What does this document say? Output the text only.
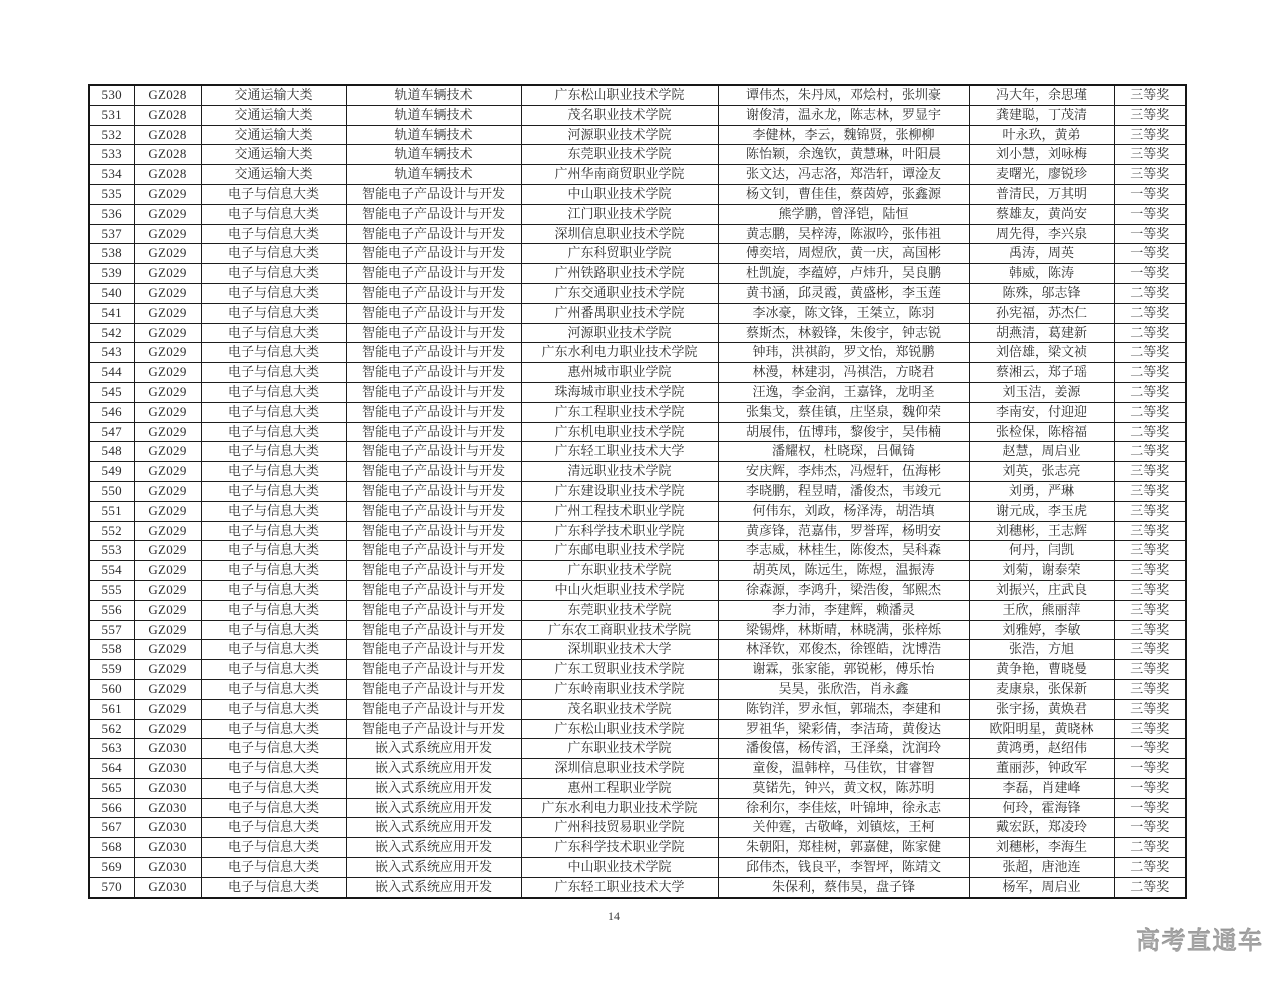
530	GZ028	交通运输大类	轨道车辆技术	广东松山职业技术学院	谭伟杰，朱丹凤，邓烩村，张圳豪	冯大年，余思瑾	三等奖
531	GZ028	交通运输大类	轨道车辆技术	茂名职业技术学院	谢俊清，温永龙，陈志林，罗显宇	龚建聪，丁茂清	三等奖
532	GZ028	交通运输大类	轨道车辆技术	河源职业技术学院	李健林，李云，魏锦贤，张柳柳	叶永玖，黄弟	三等奖
533	GZ028	交通运输大类	轨道车辆技术	东莞职业技术学院	陈怡颖，余逸钦，黄慧琳，叶阳晨	刘小慧，刘咏梅	三等奖
534	GZ028	交通运输大类	轨道车辆技术	广州华南商贸职业学院	张文达，冯志洛，郑浩轩，谭淦友	麦曙光，廖锐珍	三等奖
535	GZ029	电子与信息大类	智能电子产品设计与开发	中山职业技术学院	杨文钊，曹佳佳，蔡茵婷，张鑫源	普清民，万其明	一等奖
536	GZ029	电子与信息大类	智能电子产品设计与开发	江门职业技术学院	熊学鹏，曾泽铠，陆恒	蔡雄友，黄尚安	一等奖
537	GZ029	电子与信息大类	智能电子产品设计与开发	深圳信息职业技术学院	黄志鹏，吴梓涛，陈淑吟，张伟祖	周先得，李兴泉	一等奖
538	GZ029	电子与信息大类	智能电子产品设计与开发	广东科贸职业学院	傅奕培，周煜欣，黄一庆，高国彬	禹涛，周英	一等奖
539	GZ029	电子与信息大类	智能电子产品设计与开发	广州铁路职业技术学院	杜凯旋，李蕴婷，卢炜升，吴良鹏	韩威，陈涛	一等奖
540	GZ029	电子与信息大类	智能电子产品设计与开发	广东交通职业技术学院	黄书涵，邱灵霞，黄盛彬，李玉莲	陈殊，邬志锋	二等奖
541	GZ029	电子与信息大类	智能电子产品设计与开发	广州番禺职业技术学院	李冰豪，陈文锋，王桀立，陈羽	孙宪福，苏杰仁	二等奖
542	GZ029	电子与信息大类	智能电子产品设计与开发	河源职业技术学院	蔡斯杰，林毅锋，朱俊宇，钟志锐	胡燕清，葛建新	二等奖
543	GZ029	电子与信息大类	智能电子产品设计与开发	广东水利电力职业技术学院	钟玮，洪祺韵，罗文怡，郑锐鹏	刘倍雄，梁文祯	二等奖
544	GZ029	电子与信息大类	智能电子产品设计与开发	惠州城市职业学院	林漫，林建羽，冯祺浩，方晓君	蔡湘云，郑子瑶	二等奖
545	GZ029	电子与信息大类	智能电子产品设计与开发	珠海城市职业技术学院	汪逸，李金润，王嘉锋，龙明圣	刘玉洁，姜源	二等奖
546	GZ029	电子与信息大类	智能电子产品设计与开发	广东工程职业技术学院	张集戈，蔡佳镇，庄坚泉，魏仰荣	李南安，付迎迎	二等奖
547	GZ029	电子与信息大类	智能电子产品设计与开发	广东机电职业技术学院	胡展伟，伍博玮，黎俊宇，吴伟楠	张检保，陈榕福	二等奖
548	GZ029	电子与信息大类	智能电子产品设计与开发	广东轻工职业技术大学	潘耀权，杜晓琛，吕佩锜	赵慧，周启业	二等奖
549	GZ029	电子与信息大类	智能电子产品设计与开发	清远职业技术学院	安庆辉，李炜杰，冯煜轩，伍海彬	刘英，张志亮	三等奖
550	GZ029	电子与信息大类	智能电子产品设计与开发	广东建设职业技术学院	李晓鹏，程昱晴，潘俊杰，韦竣元	刘勇，严琳	三等奖
551	GZ029	电子与信息大类	智能电子产品设计与开发	广州工程技术职业学院	何伟东，刘政，杨泽涛，胡浩填	谢元成，李玉虎	三等奖
552	GZ029	电子与信息大类	智能电子产品设计与开发	广东科学技术职业学院	黄彦锋，范嘉伟，罗誉珲，杨明安	刘穗彬，王志辉	三等奖
553	GZ029	电子与信息大类	智能电子产品设计与开发	广东邮电职业技术学院	李志威，林桂生，陈俊杰，吴科森	何丹，闫凯	三等奖
554	GZ029	电子与信息大类	智能电子产品设计与开发	广东职业技术学院	胡英凤，陈远生，陈煜，温振涛	刘菊，谢泰荣	三等奖
555	GZ029	电子与信息大类	智能电子产品设计与开发	中山火炬职业技术学院	徐森源，李鸿升，梁浩俊，邹熙杰	刘振兴，庄武良	三等奖
556	GZ029	电子与信息大类	智能电子产品设计与开发	东莞职业技术学院	李力沛，李建辉，赖潘灵	王欣，熊丽萍	三等奖
557	GZ029	电子与信息大类	智能电子产品设计与开发	广东农工商职业技术学院	梁锡烨，林斯晴，林晓满，张梓烁	刘雅婷，李敏	三等奖
558	GZ029	电子与信息大类	智能电子产品设计与开发	深圳职业技术大学	林泽钦，邓俊杰，徐铿皓，沈博浩	张浩，方旭	三等奖
559	GZ029	电子与信息大类	智能电子产品设计与开发	广东工贸职业技术学院	谢霖，张家能，郭锐彬，傅乐怡	黄争艳，曹晓曼	三等奖
560	GZ029	电子与信息大类	智能电子产品设计与开发	广东岭南职业技术学院	吴昊，张欣浩，肖永鑫	麦康泉，张保新	三等奖
561	GZ029	电子与信息大类	智能电子产品设计与开发	茂名职业技术学院	陈钧洋，罗永恒，郭瑞杰，李建和	张宇扬，黄焕君	三等奖
562	GZ029	电子与信息大类	智能电子产品设计与开发	广东松山职业技术学院	罗祖华，梁彩倩，李洁琦，黄俊达	欧阳明星，黄晓林	三等奖
563	GZ030	电子与信息大类	嵌入式系统应用开发	广东职业技术学院	潘俊僖，杨传滔，王泽燊，沈润玲	黄鸿勇，赵绍伟	一等奖
564	GZ030	电子与信息大类	嵌入式系统应用开发	深圳信息职业技术学院	童俊，温韩梓，马佳钦，甘睿智	董丽莎，钟政军	一等奖
565	GZ030	电子与信息大类	嵌入式系统应用开发	惠州工程职业学院	莫锘先，钟兴，黄文权，陈苏明	李磊，肖建峰	一等奖
566	GZ030	电子与信息大类	嵌入式系统应用开发	广东水利电力职业技术学院	徐利尔，李佳炫，叶锦坤，徐永志	何玲，霍海锋	一等奖
567	GZ030	电子与信息大类	嵌入式系统应用开发	广州科技贸易职业学院	关仲霆，古敬峰，刘镇炫，王柯	戴宏跃，郑凌玲	一等奖
568	GZ030	电子与信息大类	嵌入式系统应用开发	广东科学技术职业学院	朱朝阳，郑桂树，郭嘉健，陈家健	刘穗彬，李海生	二等奖
569	GZ030	电子与信息大类	嵌入式系统应用开发	中山职业技术学院	邱伟杰，钱良平，李智坪，陈靖文	张超，唐池连	二等奖
570	GZ030	电子与信息大类	嵌入式系统应用开发	广东轻工职业技术大学	朱保利，蔡伟昊，盘子锋	杨军，周启业	二等奖
14
高考直通车
